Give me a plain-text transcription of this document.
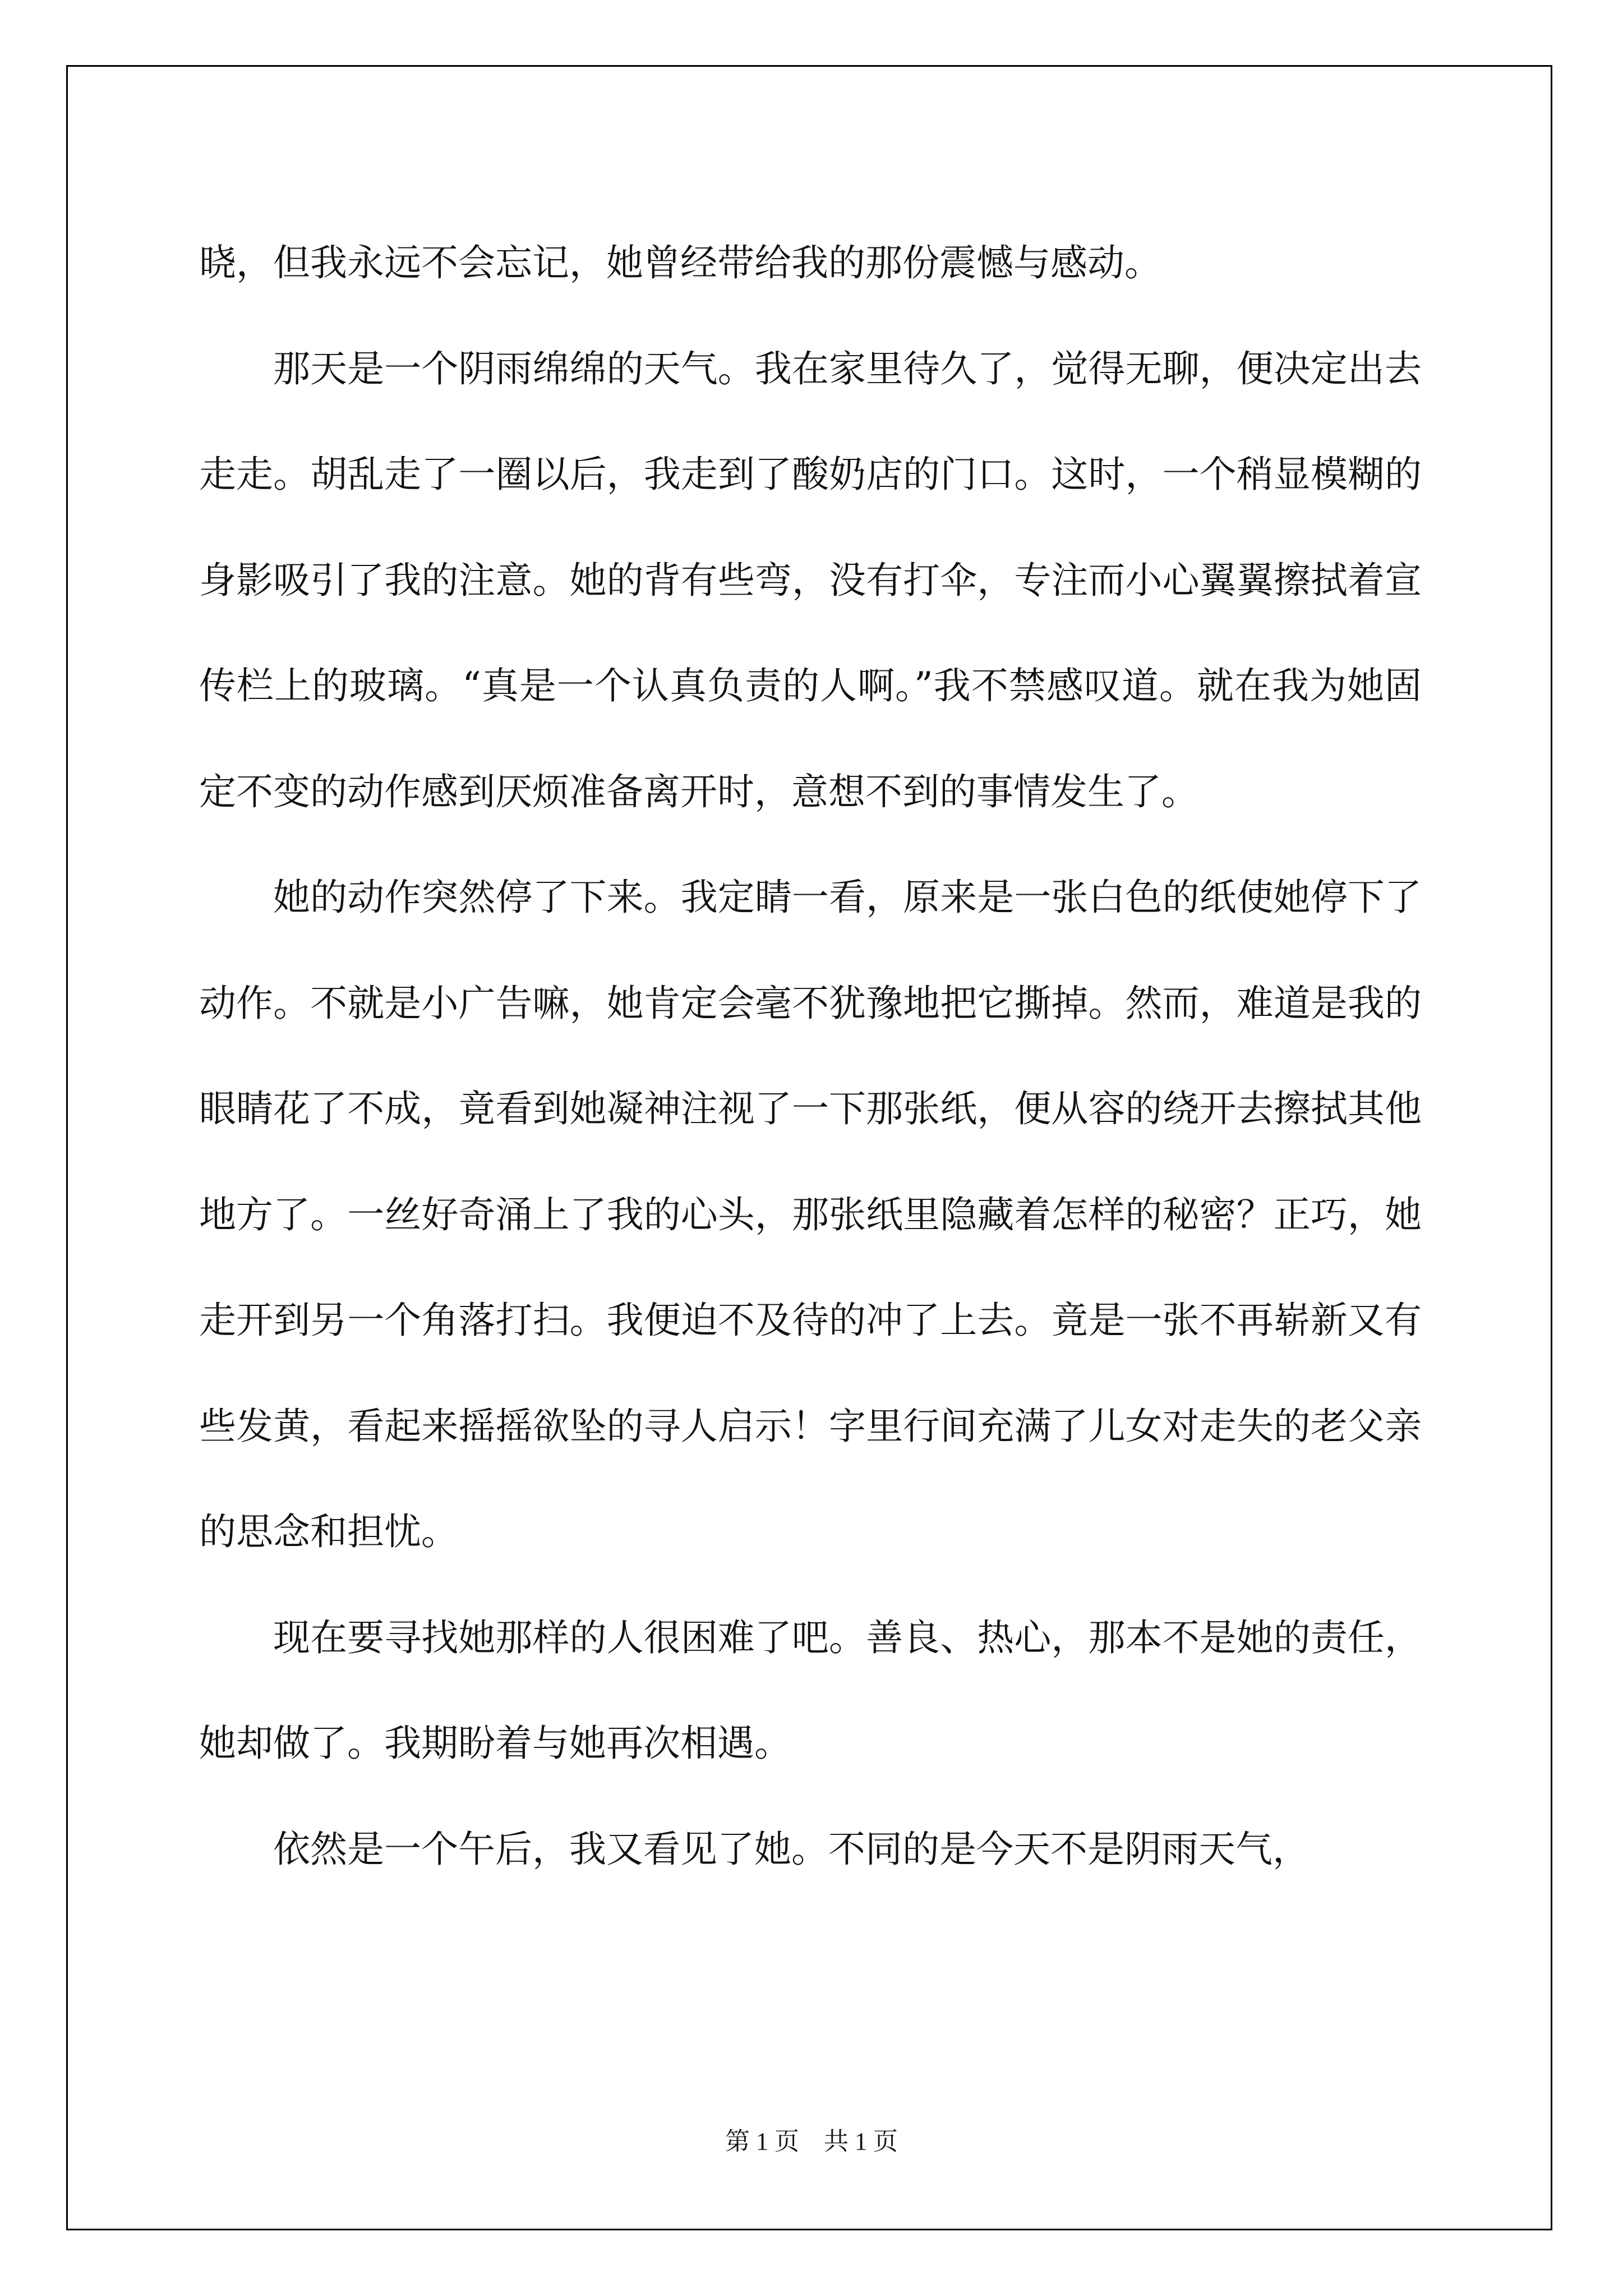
晓，但我永远不会忘记，她曾经带给我的那份震憾与感动。

那天是一个阴雨绵绵的天气。我在家里待久了，觉得无聊，便决定出去走走。胡乱走了一圈以后，我走到了酸奶店的门口。这时，一个稍显模糊的身影吸引了我的注意。她的背有些弯，没有打伞，专注而小心翼翼擦拭着宣传栏上的玻璃。“真是一个认真负责的人啊。”我不禁感叹道。就在我为她固定不变的动作感到厌烦准备离开时，意想不到的事情发生了。

她的动作突然停了下来。我定睛一看，原来是一张白色的纸使她停下了动作。不就是小广告嘛，她肯定会毫不犹豫地把它撕掉。然而，难道是我的眼睛花了不成，竟看到她凝神注视了一下那张纸，便从容的绕开去擦拭其他地方了。一丝好奇涌上了我的心头，那张纸里隐藏着怎样的秘密？正巧，她走开到另一个角落打扫。我便迫不及待的冲了上去。竟是一张不再崭新又有些发黄，看起来摇摇欲坠的寻人启示！字里行间充满了儿女对走失的老父亲的思念和担忧。

现在要寻找她那样的人很困难了吧。善良、热心，那本不是她的责任，她却做了。我期盼着与她再次相遇。

依然是一个午后，我又看见了她。不同的是今天不是阴雨天气，

第 1 页　共 1 页
